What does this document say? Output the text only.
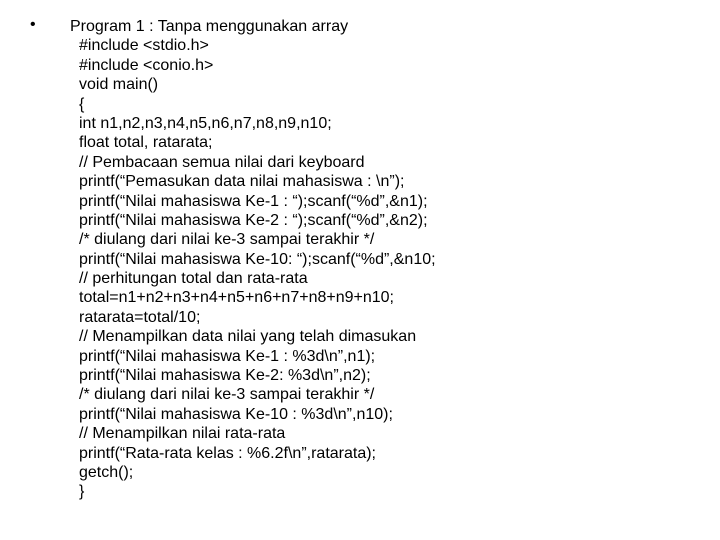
• Program 1 : Tanpa menggunakan array
#include <stdio.h>
#include <conio.h>
void main()
{
int n1,n2,n3,n4,n5,n6,n7,n8,n9,n10;
float total, ratarata;
// Pembacaan semua nilai dari keyboard
printf(“Pemasukan data nilai mahasiswa : \n”);
printf(“Nilai mahasiswa Ke-1 : “);scanf(“%d”,&n1);
printf(“Nilai mahasiswa Ke-2 : “);scanf(“%d”,&n2);
/* diulang dari nilai ke-3 sampai terakhir */
printf(“Nilai mahasiswa Ke-10: “);scanf(“%d”,&n10;
// perhitungan total dan rata-rata
total=n1+n2+n3+n4+n5+n6+n7+n8+n9+n10;
ratarata=total/10;
// Menampilkan data nilai yang telah dimasukan
printf(“Nilai mahasiswa Ke-1 : %3d\n”,n1);
printf(“Nilai mahasiswa Ke-2: %3d\n”,n2);
/* diulang dari nilai ke-3 sampai terakhir */
printf(“Nilai mahasiswa Ke-10 : %3d\n”,n10);
// Menampilkan nilai rata-rata
printf(“Rata-rata kelas : %6.2f\n”,ratarata);
getch();
}
